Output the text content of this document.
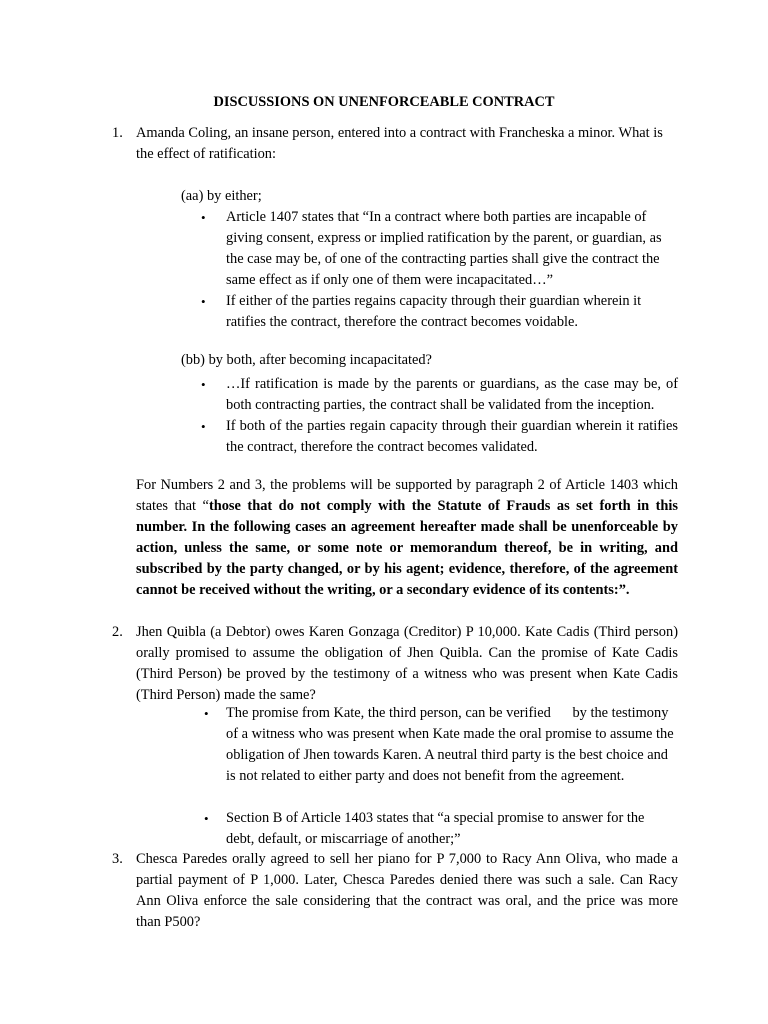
DISCUSSIONS ON UNENFORCEABLE CONTRACT
1. Amanda Coling, an insane person, entered into a contract with Francheska a minor. What is the effect of ratification:

(aa) by either;

• Article 1407 states that “In a contract where both parties are incapable of giving consent, express or implied ratification by the parent, or guardian, as the case may be, of one of the contracting parties shall give the contract the same effect as if only one of them were incapacitated…”

• If either of the parties regains capacity through their guardian wherein it ratifies the contract, therefore the contract becomes voidable.

(bb) by both, after becoming incapacitated?

• …If ratification is made by the parents or guardians, as the case may be, of both contracting parties, the contract shall be validated from the inception.

• If both of the parties regain capacity through their guardian wherein it ratifies the contract, therefore the contract becomes validated.

For Numbers 2 and 3, the problems will be supported by paragraph 2 of Article 1403 which states that “those that do not comply with the Statute of Frauds as set forth in this number. In the following cases an agreement hereafter made shall be unenforceable by action, unless the same, or some note or memorandum thereof, be in writing, and subscribed by the party changed, or by his agent; evidence, therefore, of the agreement cannot be received without the writing, or a secondary evidence of its contents:”.

2. Jhen Quibla (a Debtor) owes Karen Gonzaga (Creditor) P 10,000. Kate Cadis (Third person) orally promised to assume the obligation of Jhen Quibla. Can the promise of Kate Cadis (Third Person) be proved by the testimony of a witness who was present when Kate Cadis (Third Person) made the same?

• The promise from Kate, the third person, can be verified      by the testimony of a witness who was present when Kate made the oral promise to assume the obligation of Jhen towards Karen. A neutral third party is the best choice and is not related to either party and does not benefit from the agreement.

• Section B of Article 1403 states that “a special promise to answer for the debt, default, or miscarriage of another;”

3. Chesca Paredes orally agreed to sell her piano for P 7,000 to Racy Ann Oliva, who made a partial payment of P 1,000. Later, Chesca Paredes denied there was such a sale. Can Racy Ann Oliva enforce the sale considering that the contract was oral, and the price was more than P500?
